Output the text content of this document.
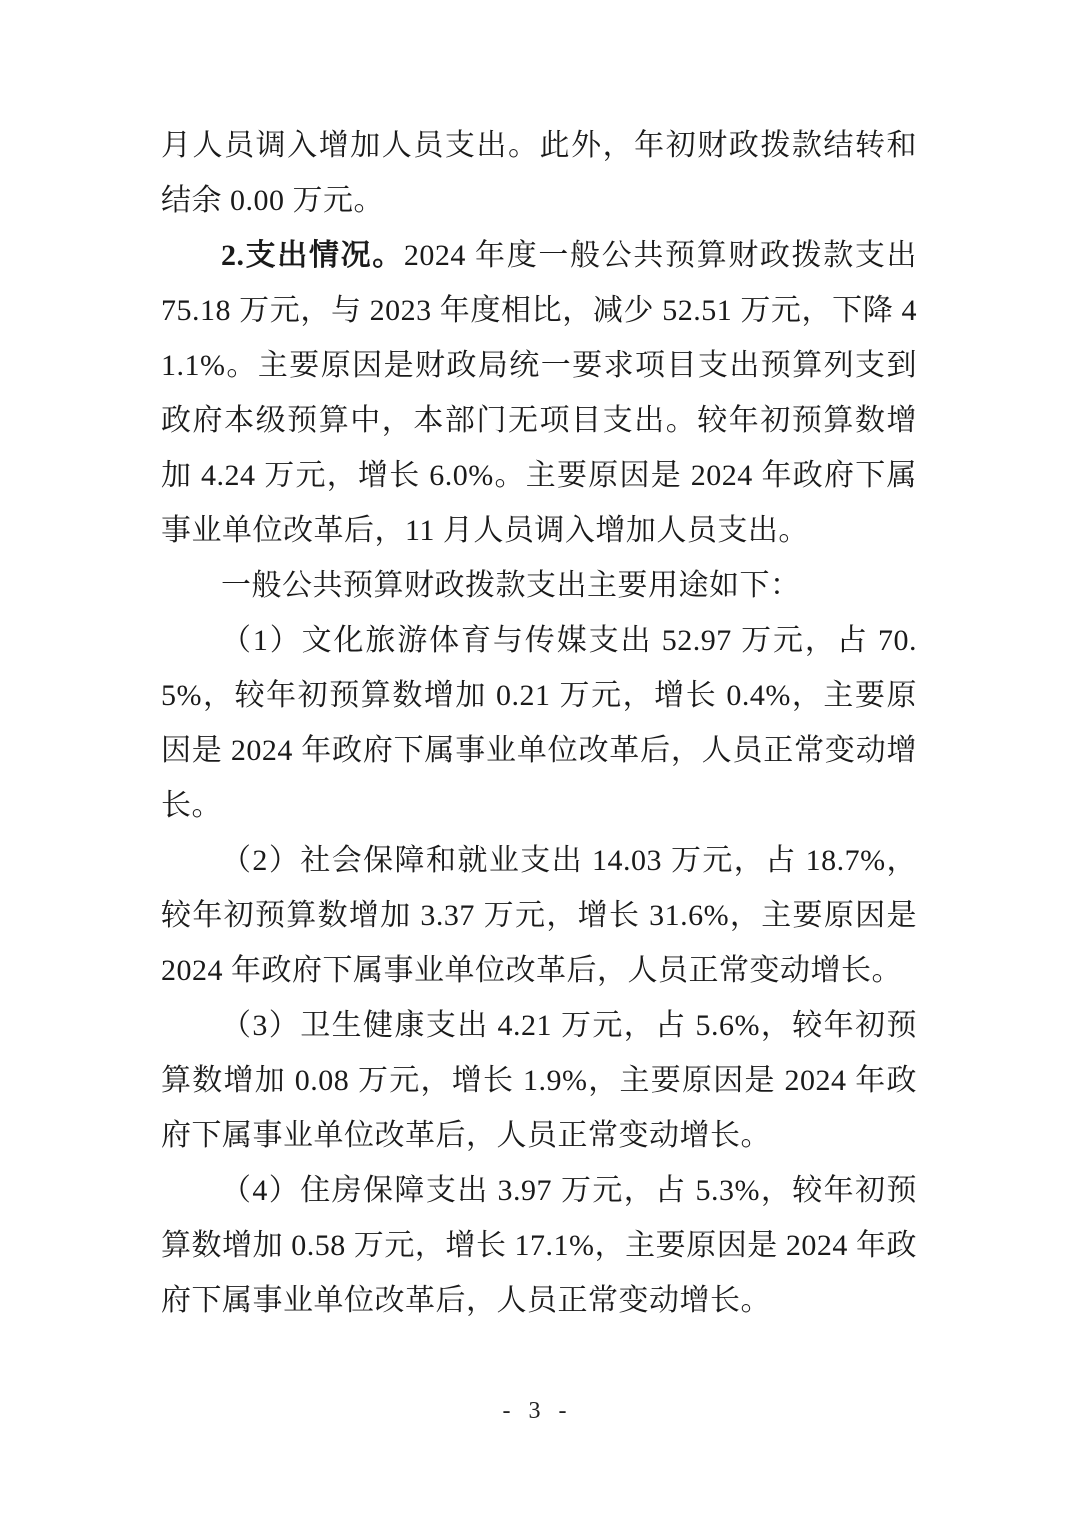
月人员调入增加人员支出。此外，年初财政拨款结转和结余 0.00 万元。

2.支出情况。2024 年度一般公共预算财政拨款支出 75.18 万元，与 2023 年度相比，减少 52.51 万元，下降 41.1%。主要原因是财政局统一要求项目支出预算列支到政府本级预算中，本部门无项目支出。较年初预算数增加 4.24 万元，增长 6.0%。主要原因是 2024 年政府下属事业单位改革后，11 月人员调入增加人员支出。

一般公共预算财政拨款支出主要用途如下：

（1）文化旅游体育与传媒支出 52.97 万元，占 70.5%，较年初预算数增加 0.21 万元，增长 0.4%，主要原因是 2024 年政府下属事业单位改革后，人员正常变动增长。

（2）社会保障和就业支出 14.03 万元，占 18.7%，较年初预算数增加 3.37 万元，增长 31.6%，主要原因是 2024 年政府下属事业单位改革后，人员正常变动增长。

（3）卫生健康支出 4.21 万元，占 5.6%，较年初预算数增加 0.08 万元，增长 1.9%，主要原因是 2024 年政府下属事业单位改革后，人员正常变动增长。

（4）住房保障支出 3.97 万元，占 5.3%，较年初预算数增加 0.58 万元，增长 17.1%，主要原因是 2024 年政府下属事业单位改革后，人员正常变动增长。

- 3 -
